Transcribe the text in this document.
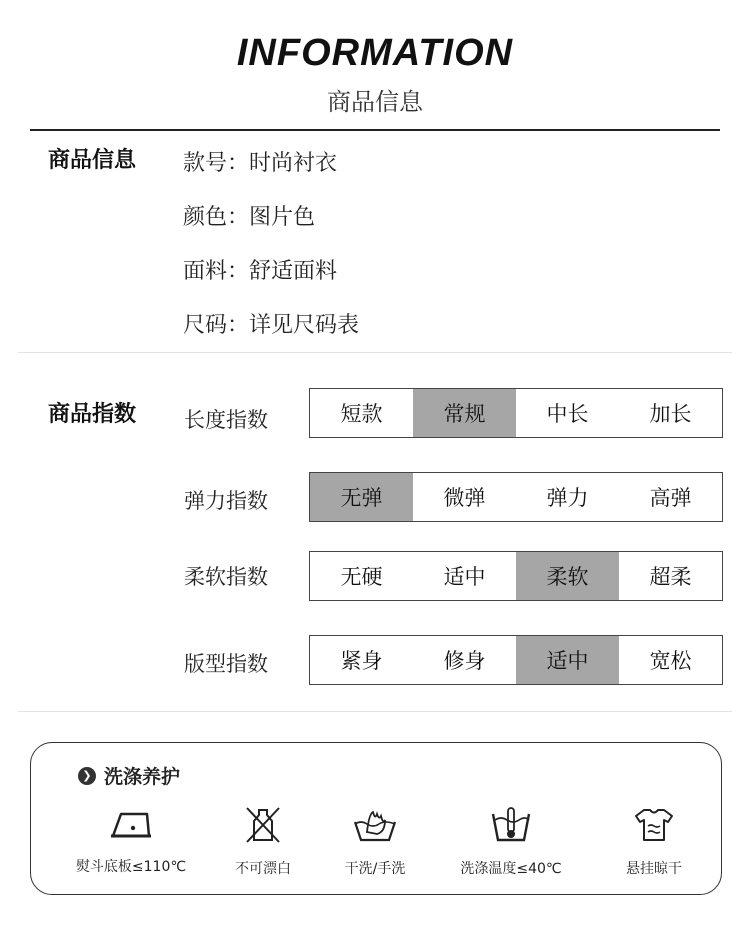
INFORMATION
商品信息
商品信息 款号：时尚衬衣
颜色：图片色
面料：舒适面料
尺码：详见尺码表
商品指数 长度指数	短款	常规	中长	加长
弹力指数	无弹	微弹	弹力	高弹
柔软指数	无硬	适中	柔软	超柔
版型指数	紧身	修身	适中	宽松
❯ 洗涤养护
熨斗底板≤110℃	不可漂白	干洗/手洗	洗涤温度≤40℃	悬挂晾干
